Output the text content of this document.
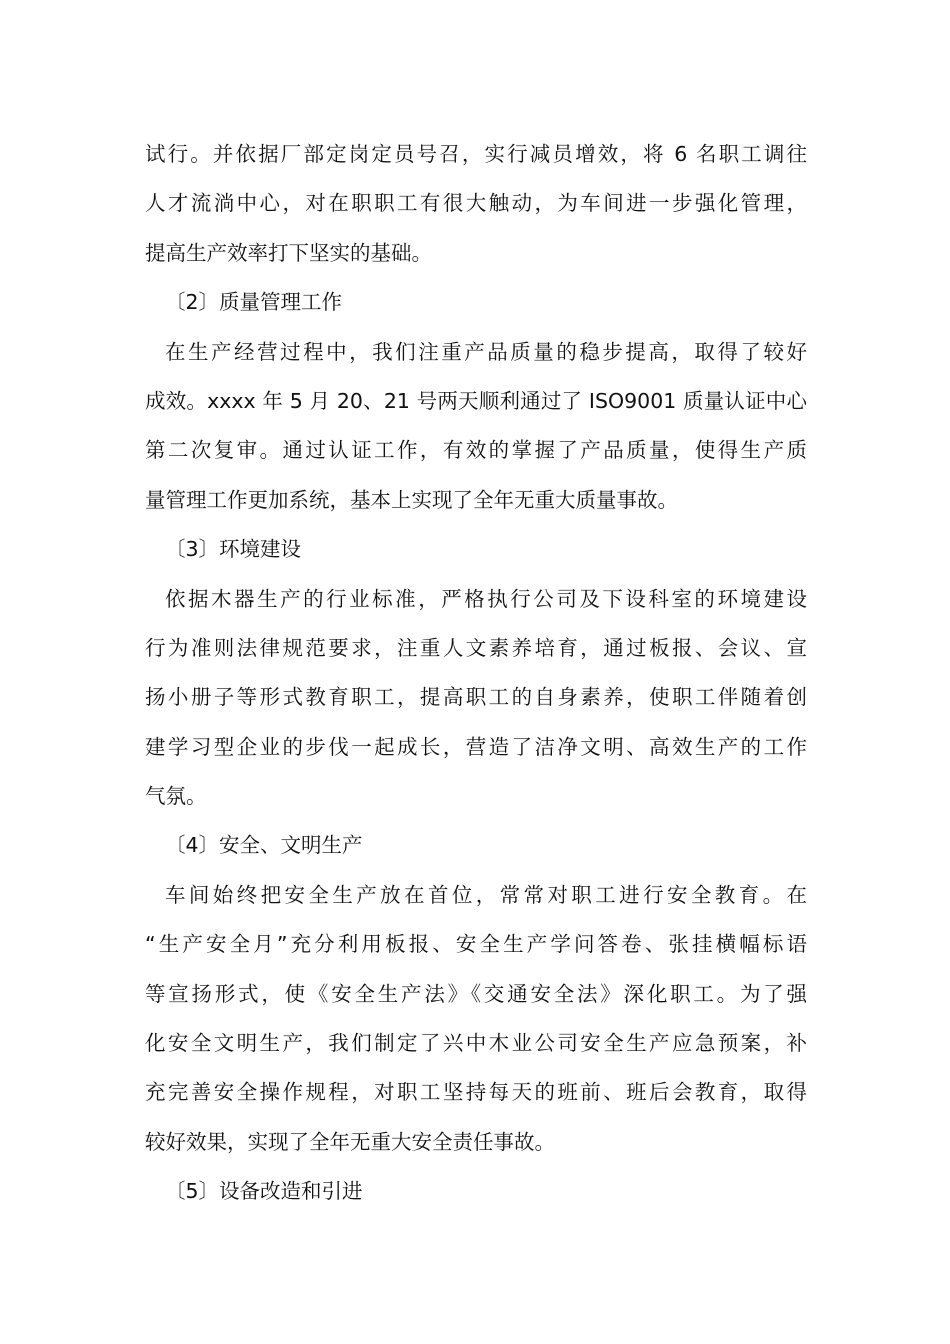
试行。并依据厂部定岗定员号召，实行减员增效，将 6 名职工调往
人才流淌中心，对在职职工有很大触动，为车间进一步强化管理，
提高生产效率打下坚实的基础。
〔2〕质量管理工作
在生产经营过程中，我们注重产品质量的稳步提高，取得了较好
成效。xxxx 年 5 月 20、21 号两天顺利通过了 ISO9001 质量认证中心
第二次复审。通过认证工作，有效的掌握了产品质量，使得生产质
量管理工作更加系统，基本上实现了全年无重大质量事故。
〔3〕环境建设
依据木器生产的行业标准，严格执行公司及下设科室的环境建设
行为准则法律规范要求，注重人文素养培育，通过板报、会议、宣
扬小册子等形式教育职工，提高职工的自身素养，使职工伴随着创
建学习型企业的步伐一起成长，营造了洁净文明、高效生产的工作
气氛。
〔4〕安全、文明生产
车间始终把安全生产放在首位，常常对职工进行安全教育。在
“生产安全月”充分利用板报、安全生产学问答卷、张挂横幅标语
等宣扬形式，使《安全生产法》《交通安全法》深化职工。为了强
化安全文明生产，我们制定了兴中木业公司安全生产应急预案，补
充完善安全操作规程，对职工坚持每天的班前、班后会教育，取得
较好效果，实现了全年无重大安全责任事故。
〔5〕设备改造和引进
